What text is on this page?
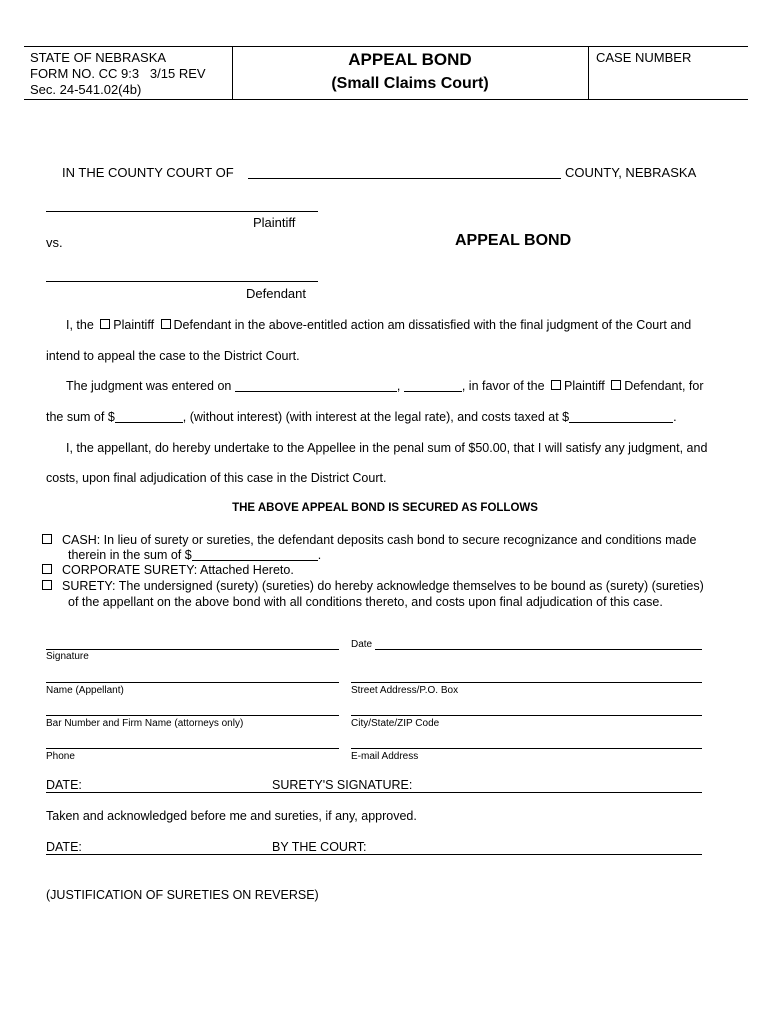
STATE OF NEBRASKA
FORM NO. CC 9:3   3/15 REV
Sec. 24-541.02(4b)
APPEAL BOND
(Small Claims Court)
CASE NUMBER
IN THE COUNTY COURT OF	COUNTY, NEBRASKA
Plaintiff
vs.	APPEAL BOND
Defendant
I, the Plaintiff Defendant in the above-entitled action am dissatisfied with the final judgment of the Court and
intend to appeal the case to the District Court.
The judgment was entered on	,	, in favor of the Plaintiff Defendant, for
the sum of $	, (without interest) (with interest at the legal rate), and costs taxed at $	.
I, the appellant, do hereby undertake to the Appellee in the penal sum of $50.00, that I will satisfy any judgment, and
costs, upon final adjudication of this case in the District Court.
THE ABOVE APPEAL BOND IS SECURED AS FOLLOWS
CASH: In lieu of surety or sureties, the defendant deposits cash bond to secure recognizance and conditions made
therein in the sum of $	.
CORPORATE SURETY: Attached Hereto.
SURETY: The undersigned (surety) (sureties) do hereby acknowledge themselves to be bound as (surety) (sureties)
of the appellant on the above bond with all conditions thereto, and costs upon final adjudication of this case.
Signature
Date
Name (Appellant)	Street Address/P.O. Box
Bar Number and Firm Name (attorneys only)	City/State/ZIP Code
Phone	E-mail Address
DATE:	SURETY'S SIGNATURE:
Taken and acknowledged before me and sureties, if any, approved.
DATE:	BY THE COURT:
(JUSTIFICATION OF SURETIES ON REVERSE)
